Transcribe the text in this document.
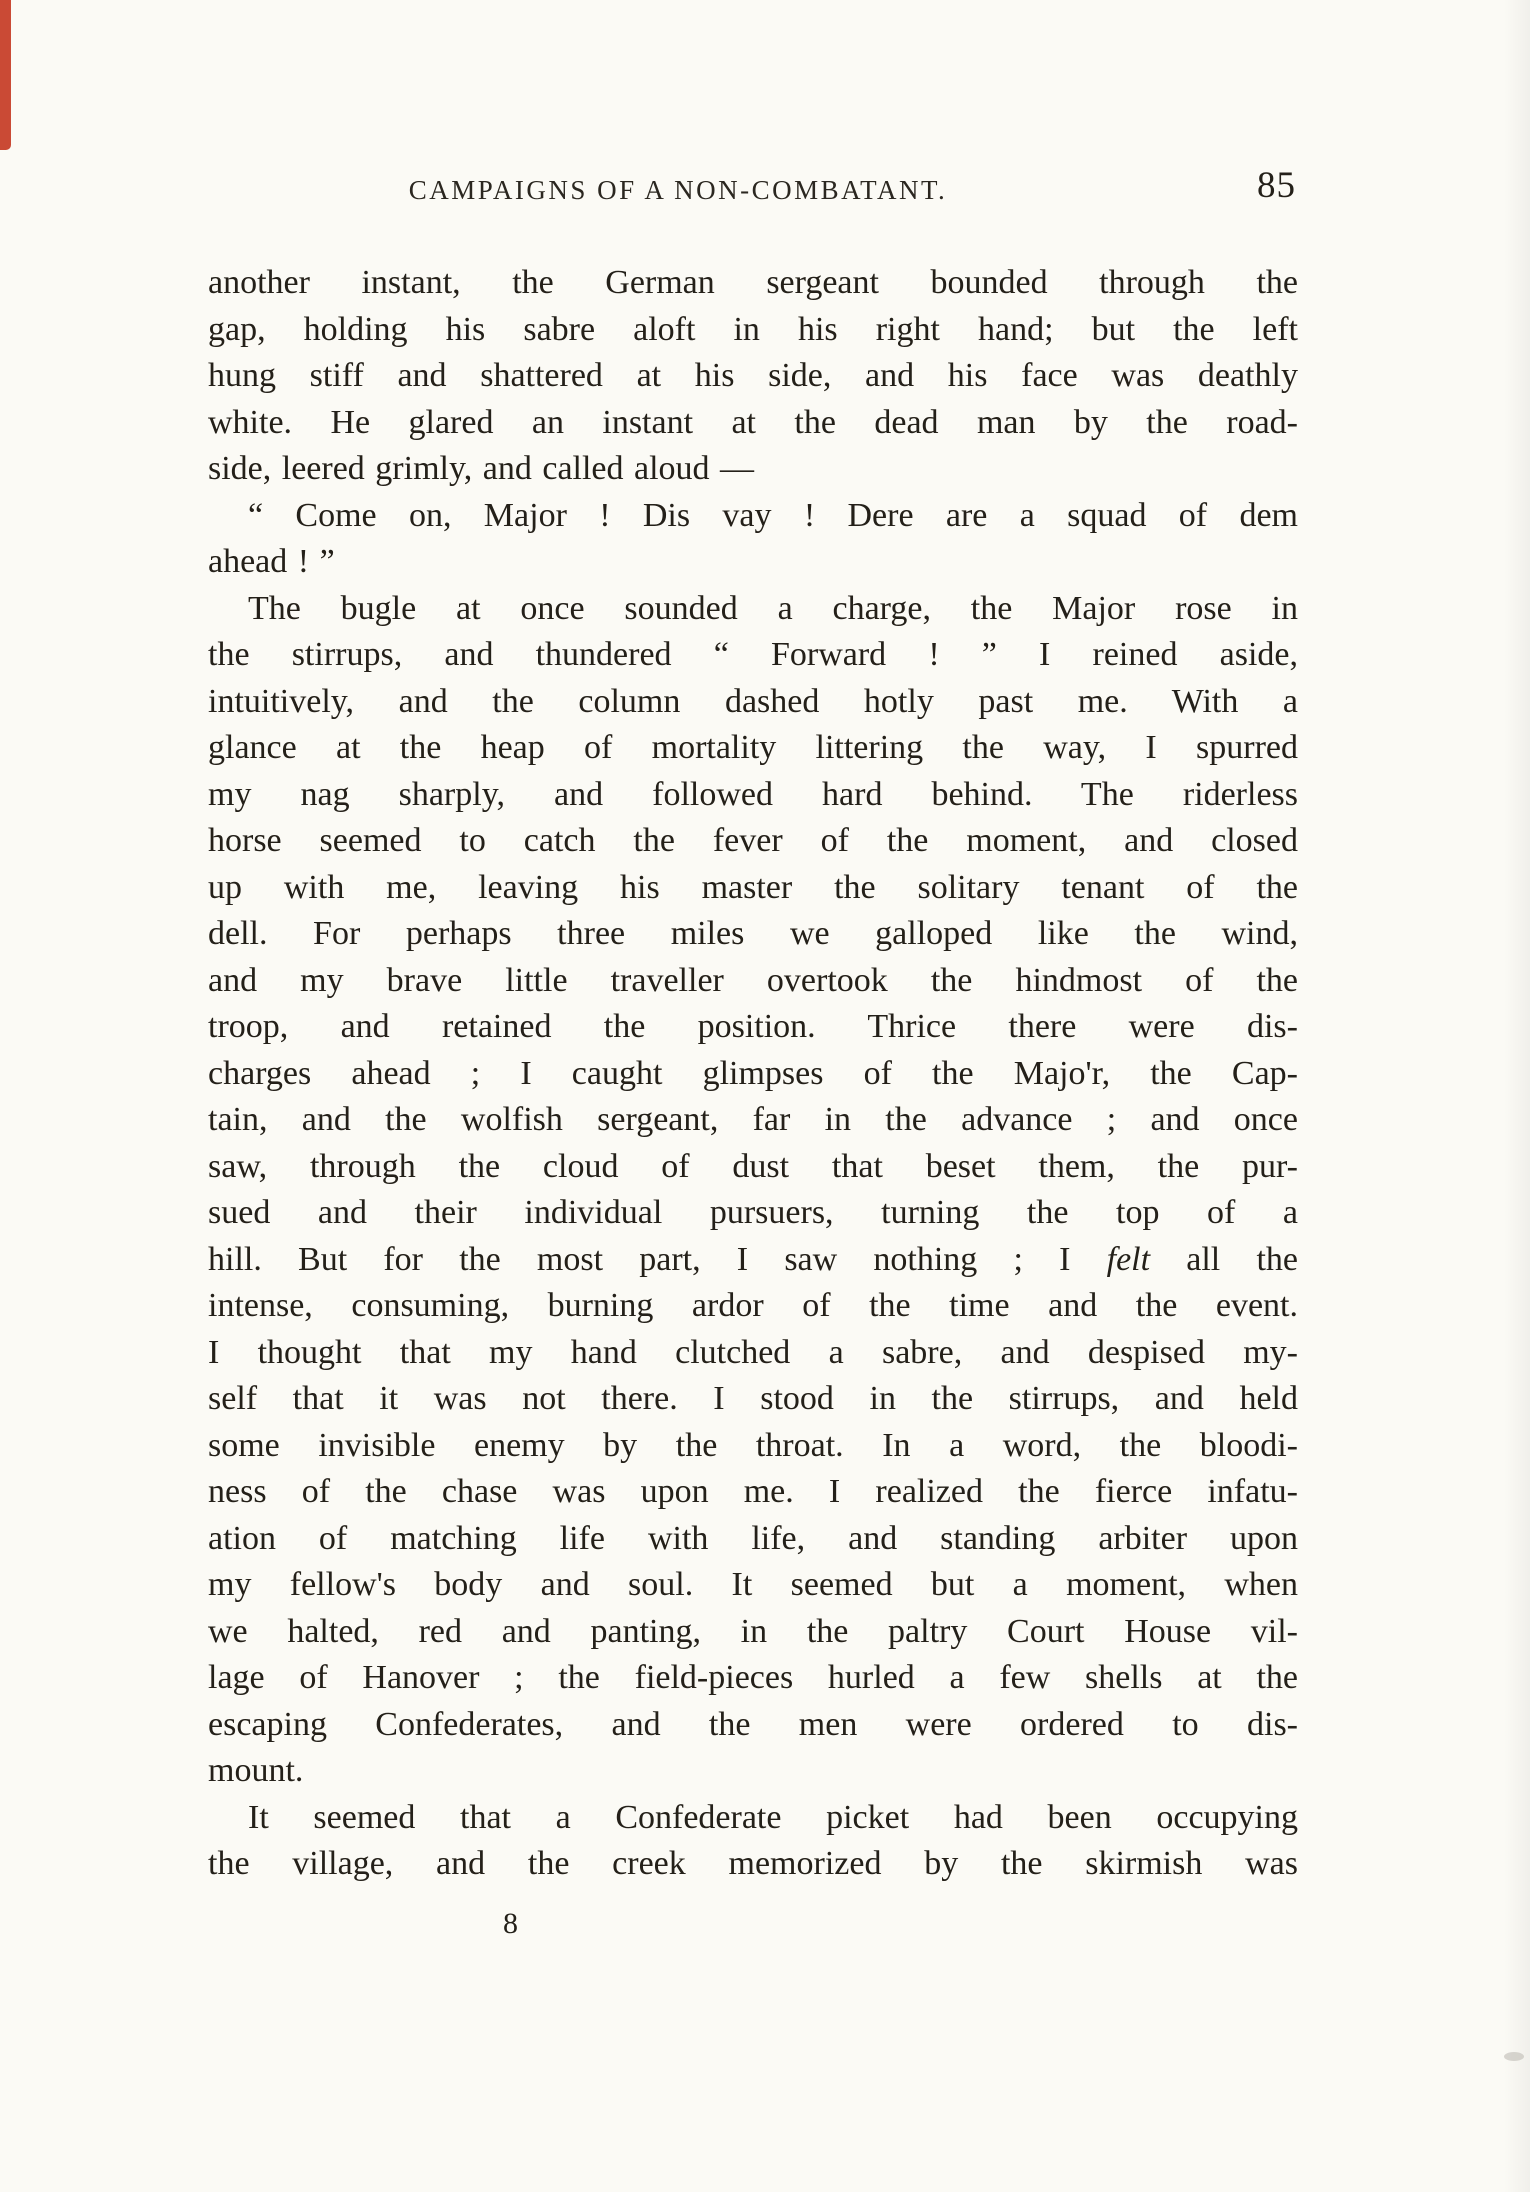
CAMPAIGNS OF A NON-COMBATANT.	85
another instant, the German sergeant bounded through the
gap, holding his sabre aloft in his right hand; but the left
hung stiff and shattered at his side, and his face was deathly
white. He glared an instant at the dead man by the road-
side, leered grimly, and called aloud —
“ Come on, Major ! Dis vay ! Dere are a squad of dem
ahead ! ”
The bugle at once sounded a charge, the Major rose in
the stirrups, and thundered “ Forward ! ” I reined aside,
intuitively, and the column dashed hotly past me. With a
glance at the heap of mortality littering the way, I spurred
my nag sharply, and followed hard behind. The riderless
horse seemed to catch the fever of the moment, and closed
up with me, leaving his master the solitary tenant of the
dell. For perhaps three miles we galloped like the wind,
and my brave little traveller overtook the hindmost of the
troop, and retained the position. Thrice there were dis-
charges ahead ; I caught glimpses of the Majo'r, the Cap-
tain, and the wolfish sergeant, far in the advance ; and once
saw, through the cloud of dust that beset them, the pur-
sued and their individual pursuers, turning the top of a
hill. But for the most part, I saw nothing ; I felt all the
intense, consuming, burning ardor of the time and the event.
I thought that my hand clutched a sabre, and despised my-
self that it was not there. I stood in the stirrups, and held
some invisible enemy by the throat. In a word, the bloodi-
ness of the chase was upon me. I realized the fierce infatu-
ation of matching life with life, and standing arbiter upon
my fellow's body and soul. It seemed but a moment, when
we halted, red and panting, in the paltry Court House vil-
lage of Hanover ; the field-pieces hurled a few shells at the
escaping Confederates, and the men were ordered to dis-
mount.
It seemed that a Confederate picket had been occupying
the village, and the creek memorized by the skirmish was
8
